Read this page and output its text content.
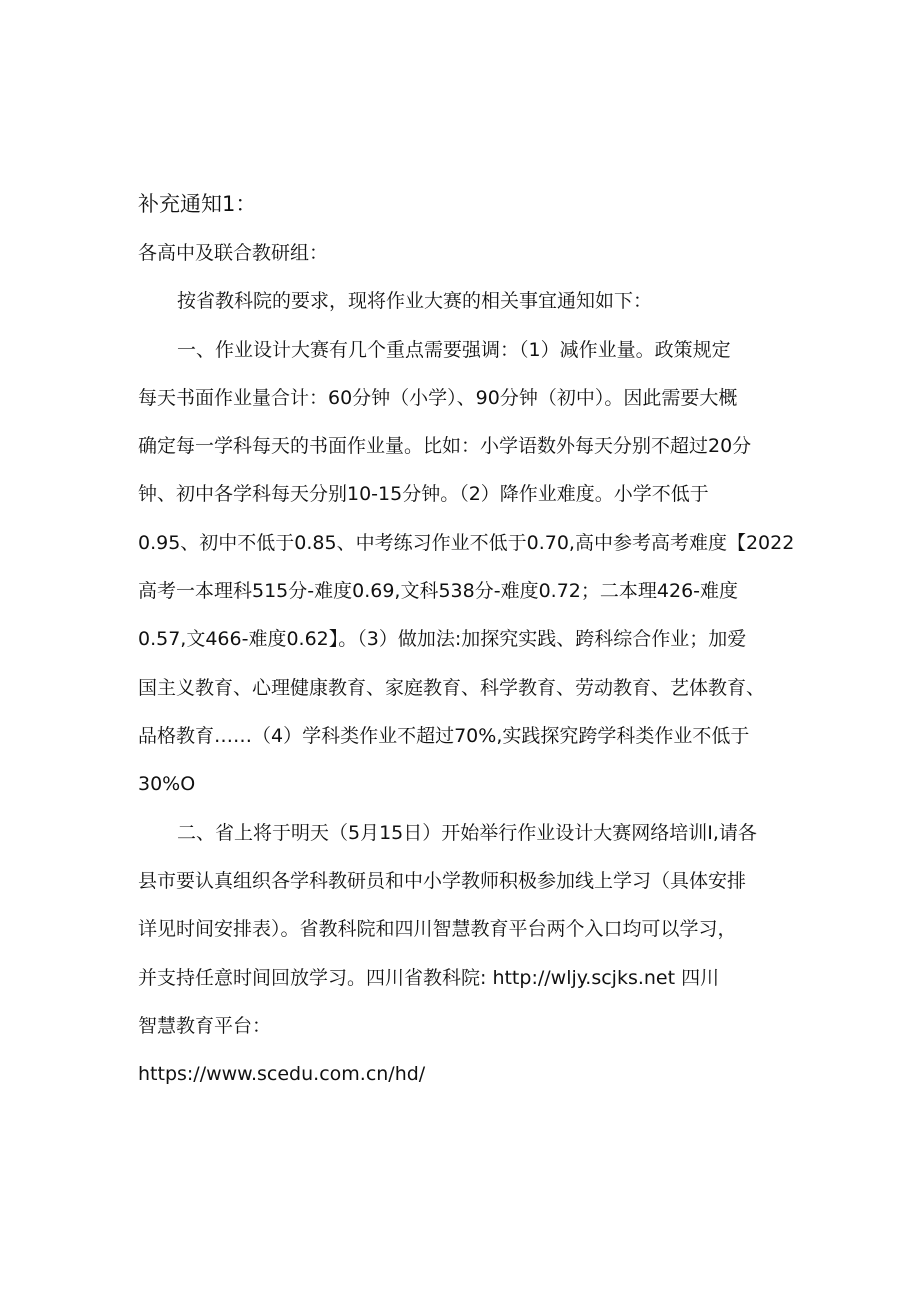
补充通知1：
各高中及联合教研组：
按省教科院的要求，现将作业大赛的相关事宜通知如下：
一、作业设计大赛有几个重点需要强调：（1）减作业量。政策规定
每天书面作业量合计：60分钟（小学）、90分钟（初中）。因此需要大概
确定每一学科每天的书面作业量。比如：小学语数外每天分别不超过20分
钟、初中各学科每天分别10-15分钟。（2）降作业难度。小学不低于
0.95、初中不低于0.85、中考练习作业不低于0.70,高中参考高考难度【2022
高考一本理科515分-难度0.69,文科538分-难度0.72；二本理426-难度
0.57,文466-难度0.62】。（3）做加法:加探究实践、跨科综合作业；加爱
国主义教育、心理健康教育、家庭教育、科学教育、劳动教育、艺体教育、
品格教育……（4）学科类作业不超过70%,实践探究跨学科类作业不低于
30%O
二、省上将于明天（5月15日）开始举行作业设计大赛网络培训I,请各
县市要认真组织各学科教研员和中小学教师积极参加线上学习（具体安排
详见时间安排表）。省教科院和四川智慧教育平台两个入口均可以学习，
并支持任意时间回放学习。四川省教科院: http://wljy.scjks.net 四川
智慧教育平台：
https://www.scedu.com.cn/hd/
